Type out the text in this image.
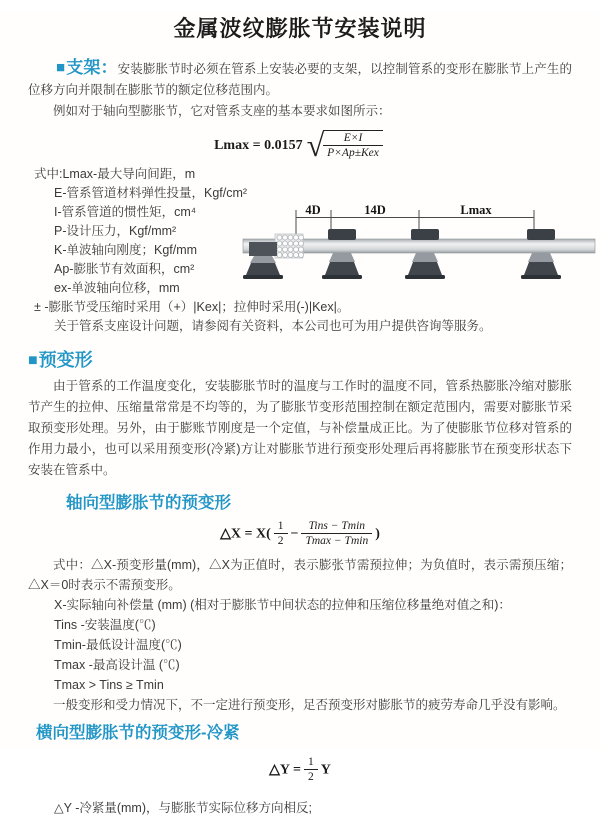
金属波纹膨胀节安装说明

■支架：安装膨胀节时必须在管系上安装必要的支架，以控制管系的变形在膨胀节上产生的位移方向并限制在膨胀节的额定位移范围内。

例如对于轴向型膨胀节，它对管系支座的基本要求如图所示：

Lmax = 0.0157 √ $\frac{E\times I}{\text{P×Ap±Kex}}$
式中:Lmax-最大导向间距，m
E-管系管道材料弹性投量，Kgf/cm²
I-管系管道的惯性矩，cm⁴
P-设计压力，Kgf/mm²
K-单波轴向刚度；Kgf/mm
Ap-膨胀节有效面积，cm²
ex-单波轴向位移，mm
± -膨胀节受压缩时采用（+）|Kex|；拉伸时采用(-)|Kex|。
关于管系支座设计问题，请参阅有关资料，本公司也可为用户提供咨询等服务。
■预变形

由于管系的工作温度变化，安装膨胀节时的温度与工作时的温度不同，管系热膨胀冷缩对膨胀节产生的拉伸、压缩量常常是不均等的，为了膨胀节变形范围控制在额定范围内，需要对膨胀节采取预变形处理。另外，由于膨账节刚度是一个定值，与补偿量成正比。为了使膨胀节位移对管系的作用力最小，也可以采用预变形(冷紧)方让对膨胀节进行预变形处理后再将膨胀节在预变形状态下安装在管系中。

轴向型膨胀节的预变形
△X = $X( \frac{1}{2} - \frac{\text{Tins − Tmin}}{Tmax - Tmin}$ )
式中：△X-预变形量(mm)，△X为正值时，表示膨张节需预拉伸；为负值时，表示需预压缩；△X＝0时表示不需预变形。
X-实际轴向补偿量 (mm) (相对于膨胀节中间状态的拉伸和压缩位移量绝对值之和)：
Tins -安装温度(℃)
Tmin-最低设计温度(℃)
Tmax -最高设计温 (℃)
Tmax > Tins ≥ Tmin
一般变形和受力情况下，不一定进行预变形，足否预变形对膨胀节的疲劳寿命几乎没有影响。
横向型膨胀节的预变形-冷紧
△Y = $\frac{1}{2}$ Y
△Y -冷紧量(mm)，与膨胀节实际位移方向相反;
4D	14D	Lmax
